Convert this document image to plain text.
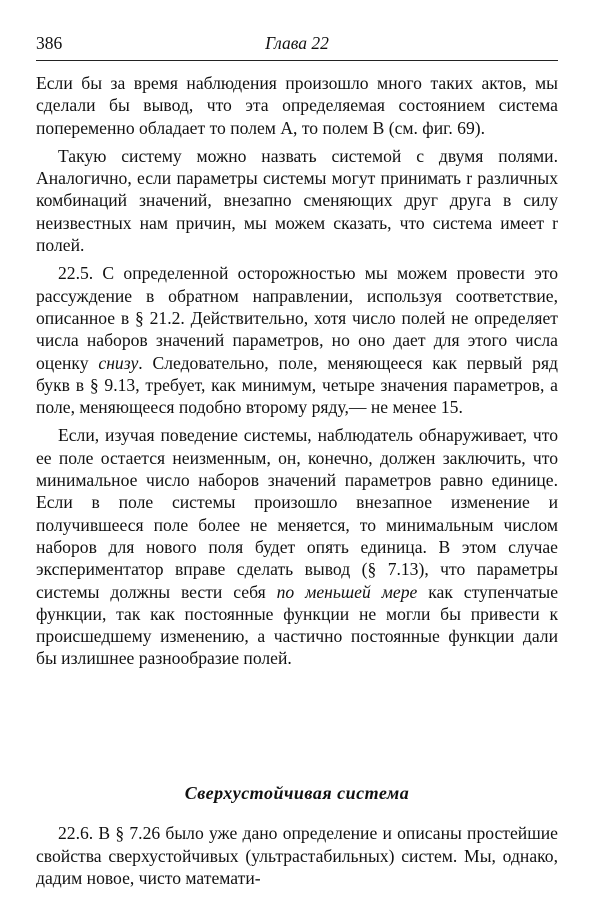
386	Глава 22

Если бы за время наблюдения произошло много таких актов, мы сделали бы вывод, что эта определяемая состоянием система попеременно обладает то полем A, то полем B (см. фиг. 69).

Такую систему можно назвать системой с двумя полями. Аналогично, если параметры системы могут принимать r различных комбинаций значений, внезапно сменяющих друг друга в силу неизвестных нам причин, мы можем сказать, что система имеет r полей.

22.5. С определенной осторожностью мы можем провести это рассуждение в обратном направлении, используя соответствие, описанное в § 21.2. Действительно, хотя число полей не определяет числа наборов значений параметров, но оно дает для этого числа оценку снизу. Следовательно, поле, меняющееся как первый ряд букв в § 9.13, требует, как минимум, четыре значения параметров, а поле, меняющееся подобно второму ряду,— не менее 15.

Если, изучая поведение системы, наблюдатель обнаруживает, что ее поле остается неизменным, он, конечно, должен заключить, что минимальное число наборов значений параметров равно единице. Если в поле системы произошло внезапное изменение и получившееся поле более не меняется, то минимальным числом наборов для нового поля будет опять единица. В этом случае экспериментатор вправе сделать вывод (§ 7.13), что параметры системы должны вести себя по меньшей мере как ступенчатые функции, так как постоянные функции не могли бы привести к происшедшему изменению, а частично постоянные функции дали бы излишнее разнообразие полей.

Сверхустойчивая система
22.6. В § 7.26 было уже дано определение и описаны простейшие свойства сверхустойчивых (ультрастабильных) систем. Мы, однако, дадим новое, чисто математи-
